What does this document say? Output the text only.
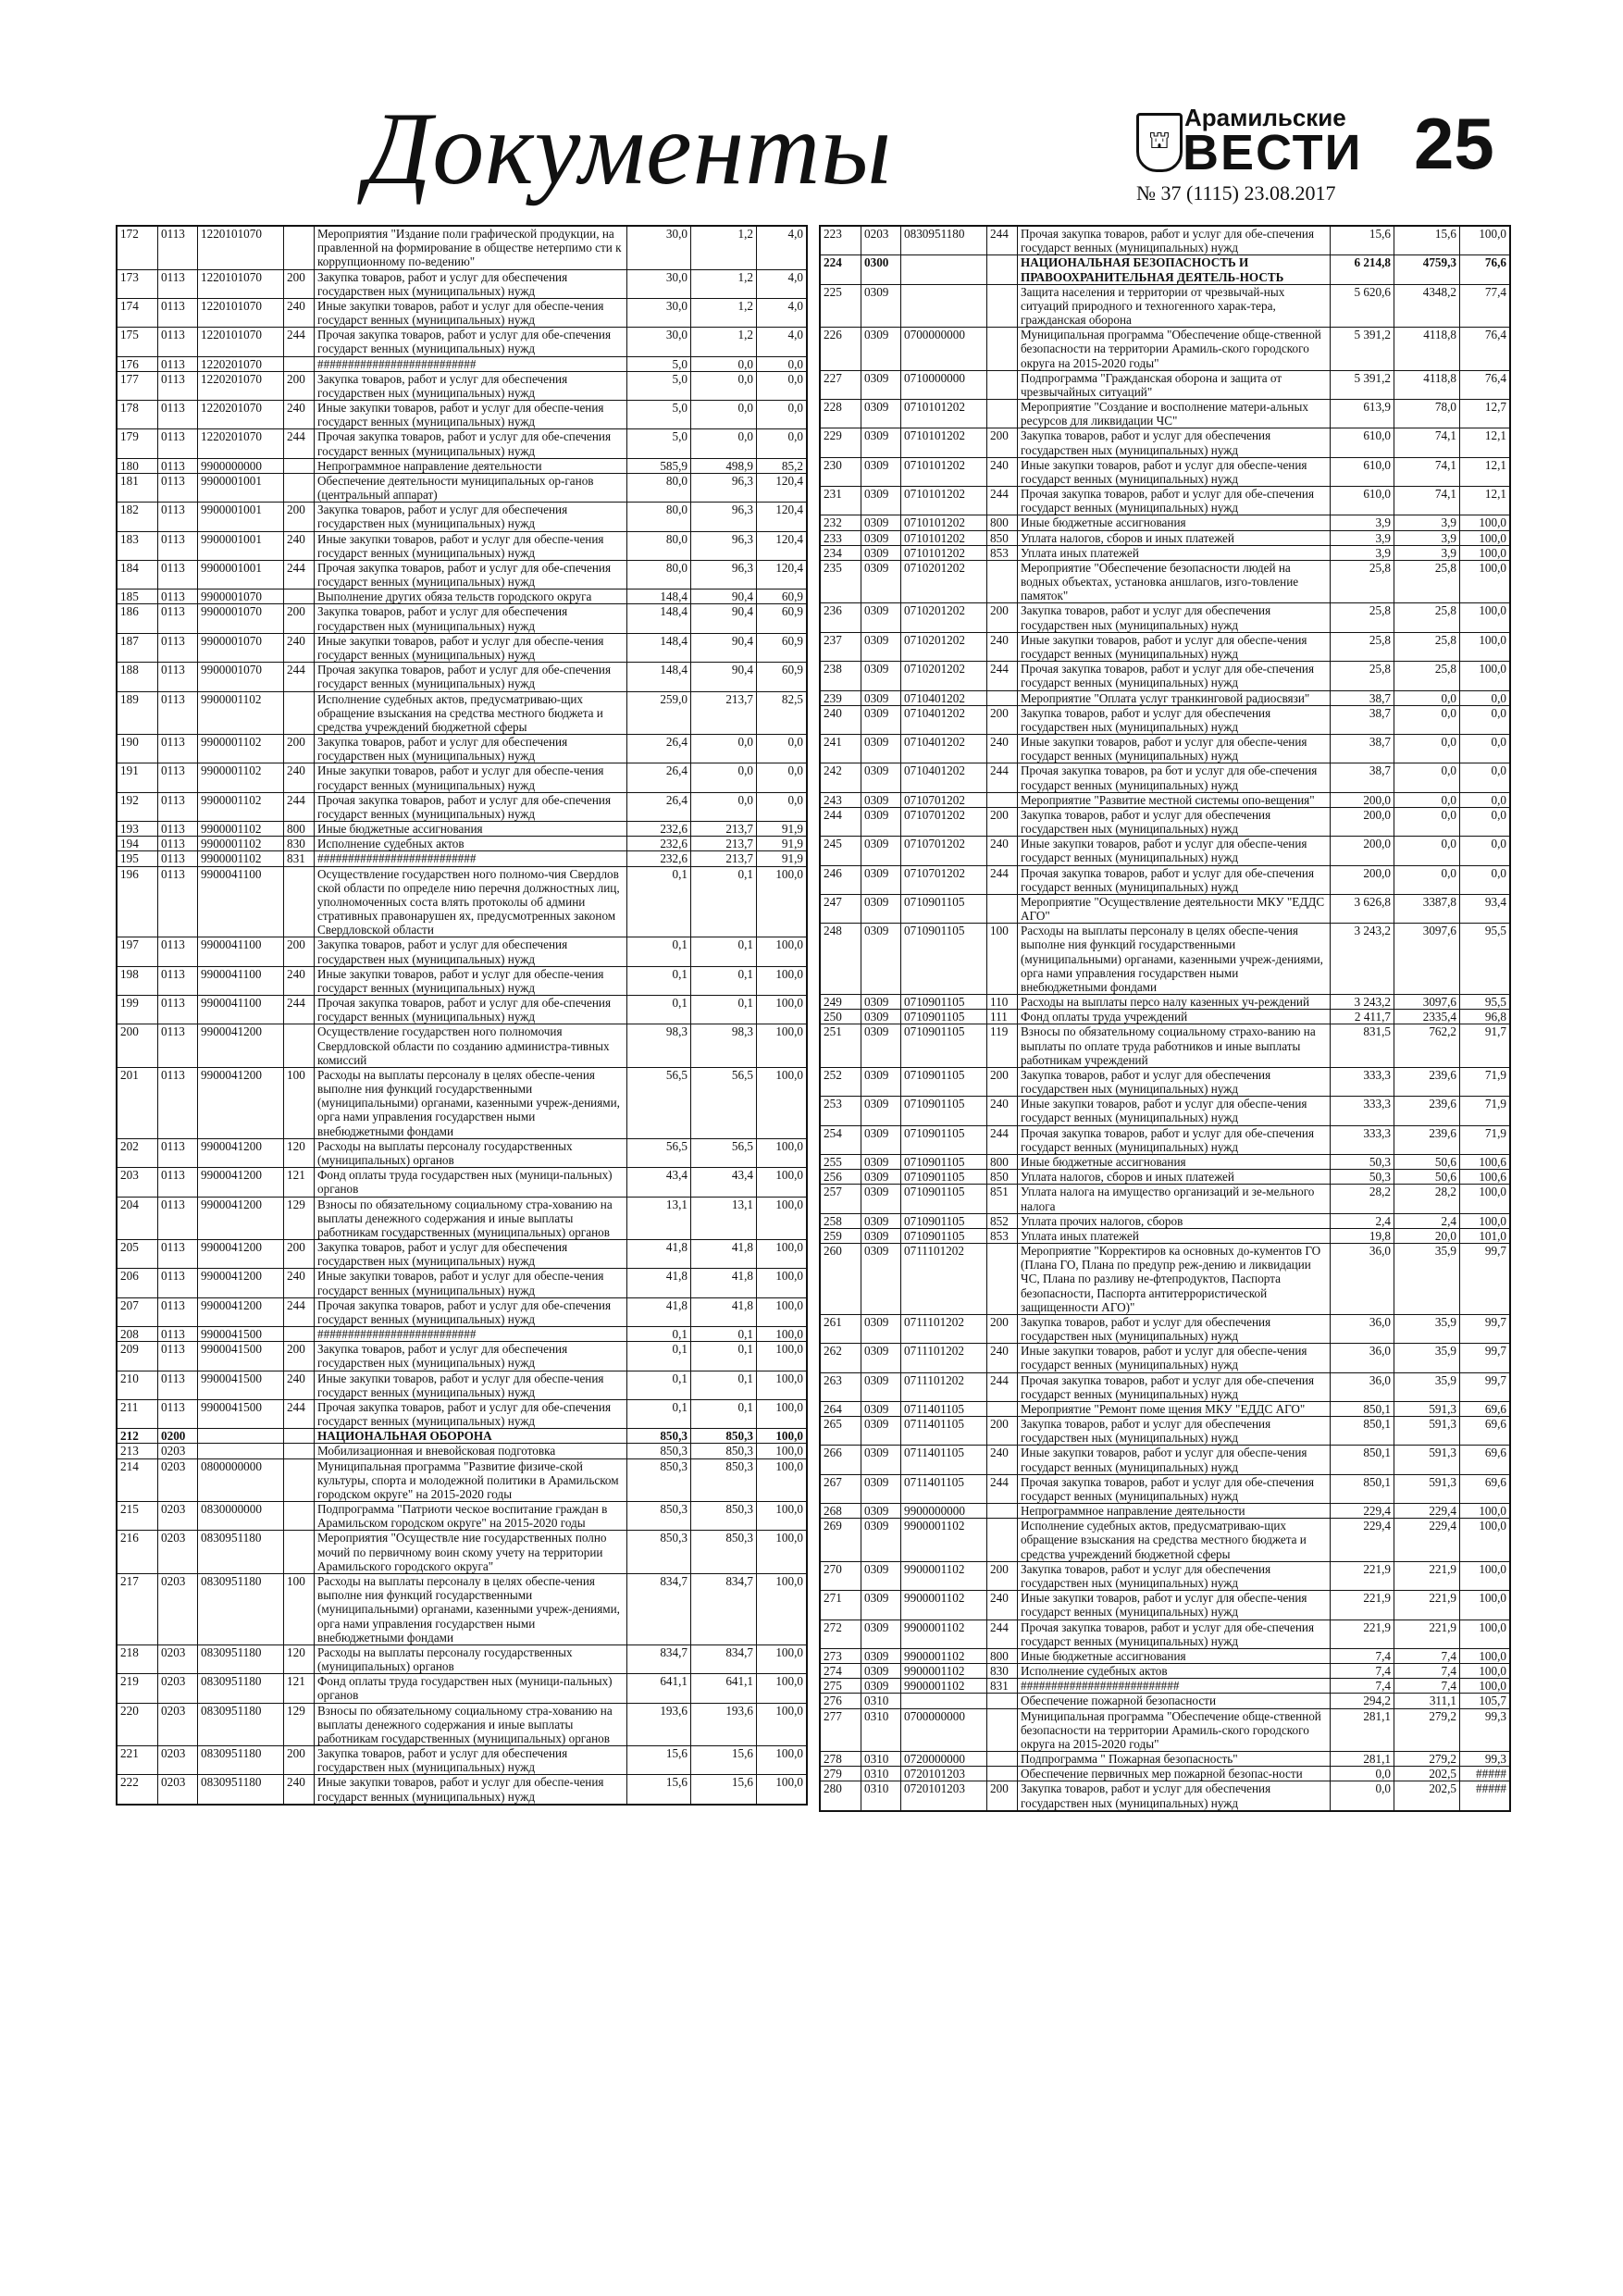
Документы	⛫
Арамильские
ВЕСТИ
№ 37 (1115) 23.08.2017
25
172	0113	1220101070		Мероприятия "Издание поли графической продукции, на правленной на формирование в обществе нетерпимо сти к коррупционному по-ведению"	30,0	1,2	4,0
173	0113	1220101070	200	Закупка товаров, работ и услуг для обеспечения государствен ных (муниципальных) нужд	30,0	1,2	4,0
174	0113	1220101070	240	Иные закупки товаров, работ и услуг для обеспе-чения государст венных (муниципальных) нужд	30,0	1,2	4,0
175	0113	1220101070	244	Прочая закупка товаров, работ и услуг для обе-спечения государст венных (муниципальных) нужд	30,0	1,2	4,0
176	0113	1220201070		##########################	5,0	0,0	0,0
177	0113	1220201070	200	Закупка товаров, работ и услуг для обеспечения государствен ных (муниципальных) нужд	5,0	0,0	0,0
178	0113	1220201070	240	Иные закупки товаров, работ и услуг для обеспе-чения государст венных (муниципальных) нужд	5,0	0,0	0,0
179	0113	1220201070	244	Прочая закупка товаров, работ и услуг для обе-спечения государст венных (муниципальных) нужд	5,0	0,0	0,0
180	0113	9900000000		Непрограммное направление деятельности	585,9	498,9	85,2
181	0113	9900001001		Обеспечение деятельности муниципальных ор-ганов (центральный аппарат)	80,0	96,3	120,4
182	0113	9900001001	200	Закупка товаров, работ и услуг для обеспечения государствен ных (муниципальных) нужд	80,0	96,3	120,4
183	0113	9900001001	240	Иные закупки товаров, работ и услуг для обеспе-чения государст венных (муниципальных) нужд	80,0	96,3	120,4
184	0113	9900001001	244	Прочая закупка товаров, работ и услуг для обе-спечения государст венных (муниципальных) нужд	80,0	96,3	120,4
185	0113	9900001070		Выполнение других обяза тельств городского округа	148,4	90,4	60,9
186	0113	9900001070	200	Закупка товаров, работ и услуг для обеспечения государствен ных (муниципальных) нужд	148,4	90,4	60,9
187	0113	9900001070	240	Иные закупки товаров, работ и услуг для обеспе-чения государст венных (муниципальных) нужд	148,4	90,4	60,9
188	0113	9900001070	244	Прочая закупка товаров, работ и услуг для обе-спечения государст венных (муниципальных) нужд	148,4	90,4	60,9
189	0113	9900001102		Исполнение судебных актов, предусматриваю-щих обращение взыскания на средства местного бюджета и средства учреждений бюджетной сферы	259,0	213,7	82,5
190	0113	9900001102	200	Закупка товаров, работ и услуг для обеспечения государствен ных (муниципальных) нужд	26,4	0,0	0,0
191	0113	9900001102	240	Иные закупки товаров, работ и услуг для обеспе-чения государст венных (муниципальных) нужд	26,4	0,0	0,0
192	0113	9900001102	244	Прочая закупка товаров, работ и услуг для обе-спечения государст венных (муниципальных) нужд	26,4	0,0	0,0
193	0113	9900001102	800	Иные бюджетные ассигнования	232,6	213,7	91,9
194	0113	9900001102	830	Исполнение судебных актов	232,6	213,7	91,9
195	0113	9900001102	831	##########################	232,6	213,7	91,9
196	0113	9900041100		Осуществление государствен ного полномо-чия Свердлов ской области по определе нию перечня должностных лиц, уполномоченных соста влять протоколы об админи стративных правонарушен ях, предусмотренных законом Свердловской области	0,1	0,1	100,0
197	0113	9900041100	200	Закупка товаров, работ и услуг для обеспечения государствен ных (муниципальных) нужд	0,1	0,1	100,0
198	0113	9900041100	240	Иные закупки товаров, работ и услуг для обеспе-чения государст венных (муниципальных) нужд	0,1	0,1	100,0
199	0113	9900041100	244	Прочая закупка товаров, работ и услуг для обе-спечения государст венных (муниципальных) нужд	0,1	0,1	100,0
200	0113	9900041200		Осуществление государствен ного полномочия Свердловской области по созданию администра-тивных комиссий	98,3	98,3	100,0
201	0113	9900041200	100	Расходы на выплаты персоналу в целях обеспе-чения выполне ния функций государственными (муниципальными) органами, казенными учреж-дениями, орга нами управления государствен ными внебюджетными фондами	56,5	56,5	100,0
202	0113	9900041200	120	Расходы на выплаты персоналу государственных (муниципальных) органов	56,5	56,5	100,0
203	0113	9900041200	121	Фонд оплаты труда государствен ных (муници-пальных) органов	43,4	43,4	100,0
204	0113	9900041200	129	Взносы по обязательному социальному стра-хованию на выплаты денежного содержания и иные выплаты работникам государственных (муниципальных) органов	13,1	13,1	100,0
205	0113	9900041200	200	Закупка товаров, работ и услуг для обеспечения государствен ных (муниципальных) нужд	41,8	41,8	100,0
206	0113	9900041200	240	Иные закупки товаров, работ и услуг для обеспе-чения государст венных (муниципальных) нужд	41,8	41,8	100,0
207	0113	9900041200	244	Прочая закупка товаров, работ и услуг для обе-спечения государст венных (муниципальных) нужд	41,8	41,8	100,0
208	0113	9900041500		##########################	0,1	0,1	100,0
209	0113	9900041500	200	Закупка товаров, работ и услуг для обеспечения государствен ных (муниципальных) нужд	0,1	0,1	100,0
210	0113	9900041500	240	Иные закупки товаров, работ и услуг для обеспе-чения государст венных (муниципальных) нужд	0,1	0,1	100,0
211	0113	9900041500	244	Прочая закупка товаров, работ и услуг для обе-спечения государст венных (муниципальных) нужд	0,1	0,1	100,0
212	0200			НАЦИОНАЛЬНАЯ ОБОРОНА	850,3	850,3	100,0
213	0203			Мобилизационная и вневойсковая подготовка	850,3	850,3	100,0
214	0203	0800000000		Муниципальная программа "Развитие физиче-ской культуры, спорта и молодежной политики в Арамильском городском округе" на 2015-2020 годы	850,3	850,3	100,0
215	0203	0830000000		Подпрограмма "Патриоти ческое воспитание граждан в Арамильском городском округе" на 2015-2020 годы	850,3	850,3	100,0
216	0203	0830951180		Мероприятия "Осуществле ние государственных полно мочий по первичному воин скому учету на территории Арамильского городского округа"	850,3	850,3	100,0
217	0203	0830951180	100	Расходы на выплаты персоналу в целях обеспе-чения выполне ния функций государственными (муниципальными) органами, казенными учреж-дениями, орга нами управления государствен ными внебюджетными фондами	834,7	834,7	100,0
218	0203	0830951180	120	Расходы на выплаты персоналу государственных (муниципальных) органов	834,7	834,7	100,0
219	0203	0830951180	121	Фонд оплаты труда государствен ных (муници-пальных) органов	641,1	641,1	100,0
220	0203	0830951180	129	Взносы по обязательному социальному стра-хованию на выплаты денежного содержания и иные выплаты работникам государственных (муниципальных) органов	193,6	193,6	100,0
221	0203	0830951180	200	Закупка товаров, работ и услуг для обеспечения государствен ных (муниципальных) нужд	15,6	15,6	100,0
222	0203	0830951180	240	Иные закупки товаров, работ и услуг для обеспе-чения государст венных (муниципальных) нужд	15,6	15,6	100,0
223	0203	0830951180	244	Прочая закупка товаров, работ и услуг для обе-спечения государст венных (муниципальных) нужд	15,6	15,6	100,0
224	0300			НАЦИОНАЛЬНАЯ БЕЗОПАСНОСТЬ И ПРАВООХРАНИТЕЛЬНАЯ ДЕЯТЕЛЬ-НОСТЬ	6 214,8	4759,3	76,6
225	0309			Защита населения и территории от чрезвычай-ных ситуаций природного и техногенного харак-тера, гражданская оборона	5 620,6	4348,2	77,4
226	0309	0700000000		Муниципальная программа "Обеспечение обще-ственной безопасности на территории Арамиль-ского городского округа на 2015-2020 годы"	5 391,2	4118,8	76,4
227	0309	0710000000		Подпрограмма "Гражданская оборона и защита от чрезвычайных ситуаций"	5 391,2	4118,8	76,4
228	0309	0710101202		Мероприятие "Создание и восполнение матери-альных ресурсов для ликвидации ЧС"	613,9	78,0	12,7
229	0309	0710101202	200	Закупка товаров, работ и услуг для обеспечения государствен ных (муниципальных) нужд	610,0	74,1	12,1
230	0309	0710101202	240	Иные закупки товаров, работ и услуг для обеспе-чения государст венных (муниципальных) нужд	610,0	74,1	12,1
231	0309	0710101202	244	Прочая закупка товаров, работ и услуг для обе-спечения государст венных (муниципальных) нужд	610,0	74,1	12,1
232	0309	0710101202	800	Иные бюджетные ассигнования	3,9	3,9	100,0
233	0309	0710101202	850	Уплата налогов, сборов и иных платежей	3,9	3,9	100,0
234	0309	0710101202	853	Уплата иных платежей	3,9	3,9	100,0
235	0309	0710201202		Мероприятие "Обеспечение безопасности людей на водных объектах, установка аншлагов, изго-товление памяток"	25,8	25,8	100,0
236	0309	0710201202	200	Закупка товаров, работ и услуг для обеспечения государствен ных (муниципальных) нужд	25,8	25,8	100,0
237	0309	0710201202	240	Иные закупки товаров, работ и услуг для обеспе-чения государст венных (муниципальных) нужд	25,8	25,8	100,0
238	0309	0710201202	244	Прочая закупка товаров, работ и услуг для обе-спечения государст венных (муниципальных) нужд	25,8	25,8	100,0
239	0309	0710401202		Мероприятие "Оплата услуг транкинговой радиосвязи"	38,7	0,0	0,0
240	0309	0710401202	200	Закупка товаров, работ и услуг для обеспечения государствен ных (муниципальных) нужд	38,7	0,0	0,0
241	0309	0710401202	240	Иные закупки товаров, работ и услуг для обеспе-чения государст венных (муниципальных) нужд	38,7	0,0	0,0
242	0309	0710401202	244	Прочая закупка товаров, ра бот и услуг для обе-спечения государст венных (муниципальных) нужд	38,7	0,0	0,0
243	0309	0710701202		Мероприятие "Развитие местной системы опо-вещения"	200,0	0,0	0,0
244	0309	0710701202	200	Закупка товаров, работ и услуг для обеспечения государствен ных (муниципальных) нужд	200,0	0,0	0,0
245	0309	0710701202	240	Иные закупки товаров, работ и услуг для обеспе-чения государст венных (муниципальных) нужд	200,0	0,0	0,0
246	0309	0710701202	244	Прочая закупка товаров, работ и услуг для обе-спечения государст венных (муниципальных) нужд	200,0	0,0	0,0
247	0309	0710901105		Мероприятие "Осуществление деятельности МКУ "ЕДДС АГО"	3 626,8	3387,8	93,4
248	0309	0710901105	100	Расходы на выплаты персоналу в целях обеспе-чения выполне ния функций государственными (муниципальными) органами, казенными учреж-дениями, орга нами управления государствен ными внебюджетными фондами	3 243,2	3097,6	95,5
249	0309	0710901105	110	Расходы на выплаты персо налу казенных уч-реждений	3 243,2	3097,6	95,5
250	0309	0710901105	111	Фонд оплаты труда учреждений	2 411,7	2335,4	96,8
251	0309	0710901105	119	Взносы по обязательному социальному страхо-ванию на выплаты по оплате труда работников и иные выплаты работникам учреждений	831,5	762,2	91,7
252	0309	0710901105	200	Закупка товаров, работ и услуг для обеспечения государствен ных (муниципальных) нужд	333,3	239,6	71,9
253	0309	0710901105	240	Иные закупки товаров, работ и услуг для обеспе-чения государст венных (муниципальных) нужд	333,3	239,6	71,9
254	0309	0710901105	244	Прочая закупка товаров, работ и услуг для обе-спечения государст венных (муниципальных) нужд	333,3	239,6	71,9
255	0309	0710901105	800	Иные бюджетные ассигнования	50,3	50,6	100,6
256	0309	0710901105	850	Уплата налогов, сборов и иных платежей	50,3	50,6	100,6
257	0309	0710901105	851	Уплата налога на имущество организаций и зе-мельного налога	28,2	28,2	100,0
258	0309	0710901105	852	Уплата прочих налогов, сборов	2,4	2,4	100,0
259	0309	0710901105	853	Уплата иных платежей	19,8	20,0	101,0
260	0309	0711101202		Мероприятие "Корректиров ка основных до-кументов ГО (Плана ГО, Плана по предупр реж-дению и ликвидации ЧС, Плана по разливу не-фтепродуктов, Паспорта безопасности, Паспорта антитеррористической защищенности АГО)"	36,0	35,9	99,7
261	0309	0711101202	200	Закупка товаров, работ и услуг для обеспечения государствен ных (муниципальных) нужд	36,0	35,9	99,7
262	0309	0711101202	240	Иные закупки товаров, работ и услуг для обеспе-чения государст венных (муниципальных) нужд	36,0	35,9	99,7
263	0309	0711101202	244	Прочая закупка товаров, работ и услуг для обе-спечения государст венных (муниципальных) нужд	36,0	35,9	99,7
264	0309	0711401105		Мероприятие "Ремонт поме щения МКУ "ЕДДС АГО"	850,1	591,3	69,6
265	0309	0711401105	200	Закупка товаров, работ и услуг для обеспечения государствен ных (муниципальных) нужд	850,1	591,3	69,6
266	0309	0711401105	240	Иные закупки товаров, работ и услуг для обеспе-чения государст венных (муниципальных) нужд	850,1	591,3	69,6
267	0309	0711401105	244	Прочая закупка товаров, работ и услуг для обе-спечения государст венных (муниципальных) нужд	850,1	591,3	69,6
268	0309	9900000000		Непрограммное направление деятельности	229,4	229,4	100,0
269	0309	9900001102		Исполнение судебных актов, предусматриваю-щих обращение взыскания на средства местного бюджета и средства учреждений бюджетной сферы	229,4	229,4	100,0
270	0309	9900001102	200	Закупка товаров, работ и услуг для обеспечения государствен ных (муниципальных) нужд	221,9	221,9	100,0
271	0309	9900001102	240	Иные закупки товаров, работ и услуг для обеспе-чения государст венных (муниципальных) нужд	221,9	221,9	100,0
272	0309	9900001102	244	Прочая закупка товаров, работ и услуг для обе-спечения государст венных (муниципальных) нужд	221,9	221,9	100,0
273	0309	9900001102	800	Иные бюджетные ассигнования	7,4	7,4	100,0
274	0309	9900001102	830	Исполнение судебных актов	7,4	7,4	100,0
275	0309	9900001102	831	##########################	7,4	7,4	100,0
276	0310			Обеспечение пожарной безопасности	294,2	311,1	105,7
277	0310	0700000000		Муниципальная программа "Обеспечение обще-ственной безопасности на территории Арамиль-ского городского округа на 2015-2020 годы"	281,1	279,2	99,3
278	0310	0720000000		Подпрограмма " Пожарная безопасность"	281,1	279,2	99,3
279	0310	0720101203		Обеспечение первичных мер пожарной безопас-ности	0,0	202,5	#####
280	0310	0720101203	200	Закупка товаров, работ и услуг для обеспечения государствен ных (муниципальных) нужд	0,0	202,5	#####
